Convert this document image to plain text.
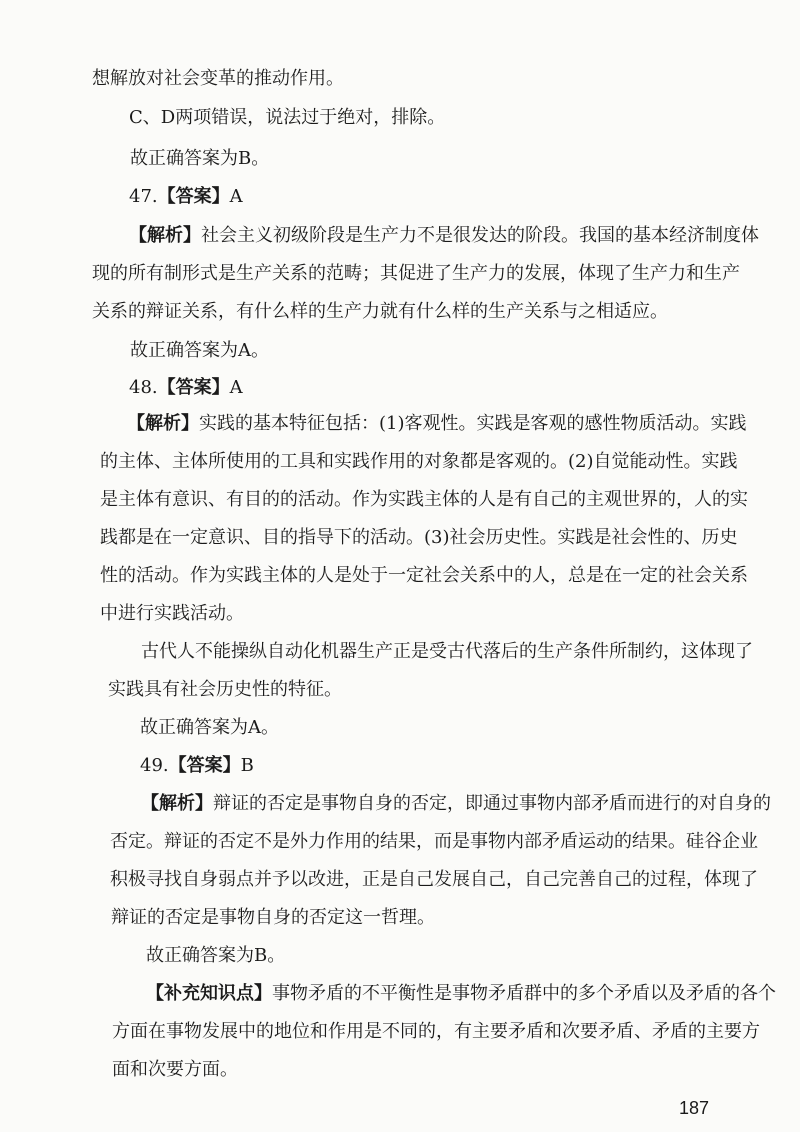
想解放对社会变革的推动作用。
C、D两项错误，说法过于绝对，排除。
故正确答案为B。
47.【答案】A
【解析】社会主义初级阶段是生产力不是很发达的阶段。我国的基本经济制度体
现的所有制形式是生产关系的范畴；其促进了生产力的发展，体现了生产力和生产
关系的辩证关系，有什么样的生产力就有什么样的生产关系与之相适应。
故正确答案为A。
48.【答案】A
【解析】实践的基本特征包括：(1)客观性。实践是客观的感性物质活动。实践
的主体、主体所使用的工具和实践作用的对象都是客观的。(2)自觉能动性。实践
是主体有意识、有目的的活动。作为实践主体的人是有自己的主观世界的，人的实
践都是在一定意识、目的指导下的活动。(3)社会历史性。实践是社会性的、历史
性的活动。作为实践主体的人是处于一定社会关系中的人，总是在一定的社会关系
中进行实践活动。
古代人不能操纵自动化机器生产正是受古代落后的生产条件所制约，这体现了
实践具有社会历史性的特征。
故正确答案为A。
49.【答案】B
【解析】辩证的否定是事物自身的否定，即通过事物内部矛盾而进行的对自身的
否定。辩证的否定不是外力作用的结果，而是事物内部矛盾运动的结果。硅谷企业
积极寻找自身弱点并予以改进，正是自己发展自己，自己完善自己的过程，体现了
辩证的否定是事物自身的否定这一哲理。
故正确答案为B。
【补充知识点】事物矛盾的不平衡性是事物矛盾群中的多个矛盾以及矛盾的各个
方面在事物发展中的地位和作用是不同的，有主要矛盾和次要矛盾、矛盾的主要方
面和次要方面。
187
